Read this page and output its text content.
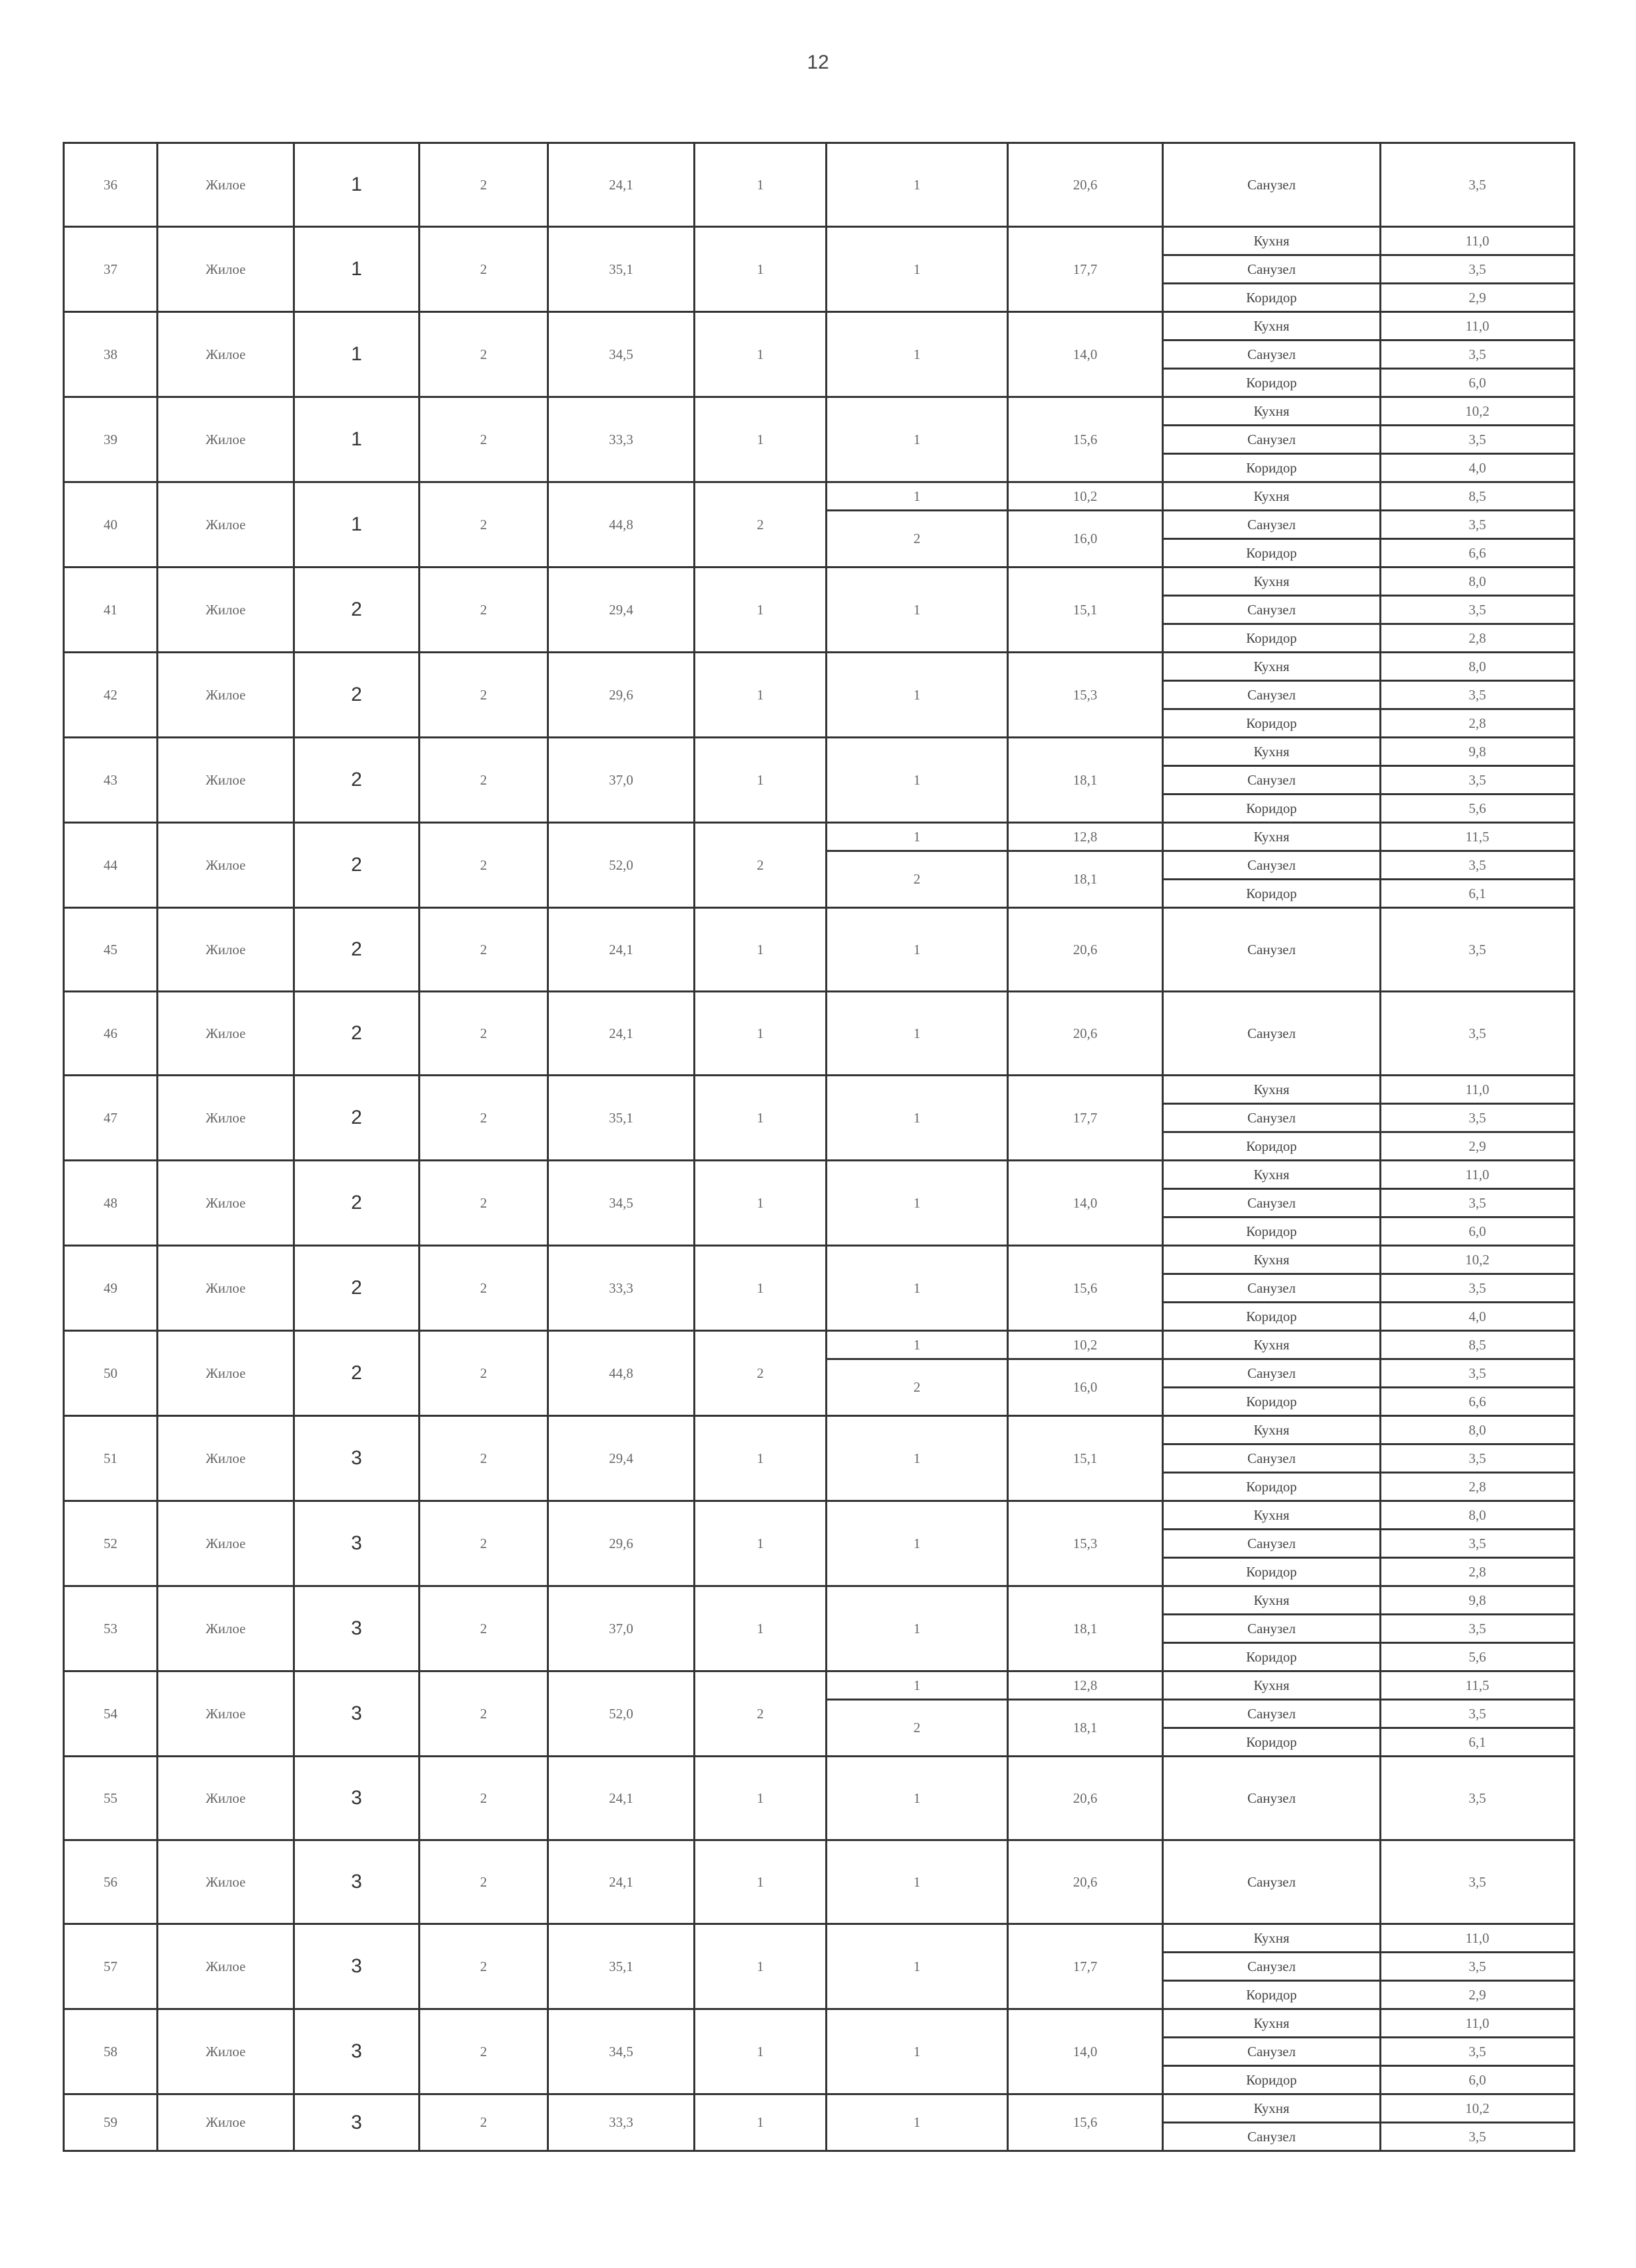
12
36	Жилое	1	2	24,1	1	1	20,6	Санузел	3,5
37	Жилое	1	2	35,1	1	1	17,7	Кухня	11,0
								Санузел	3,5
								Коридор	2,9
38	Жилое	1	2	34,5	1	1	14,0	Кухня	11,0
								Санузел	3,5
								Коридор	6,0
39	Жилое	1	2	33,3	1	1	15,6	Кухня	10,2
								Санузел	3,5
								Коридор	4,0
40	Жилое	1	2	44,8	2	1	10,2	Кухня	8,5
						2	16,0	Санузел	3,5
								Коридор	6,6
41	Жилое	2	2	29,4	1	1	15,1	Кухня	8,0
								Санузел	3,5
								Коридор	2,8
42	Жилое	2	2	29,6	1	1	15,3	Кухня	8,0
								Санузел	3,5
								Коридор	2,8
43	Жилое	2	2	37,0	1	1	18,1	Кухня	9,8
								Санузел	3,5
								Коридор	5,6
44	Жилое	2	2	52,0	2	1	12,8	Кухня	11,5
						2	18,1	Санузел	3,5
								Коридор	6,1
45	Жилое	2	2	24,1	1	1	20,6	Санузел	3,5
46	Жилое	2	2	24,1	1	1	20,6	Санузел	3,5
47	Жилое	2	2	35,1	1	1	17,7	Кухня	11,0
								Санузел	3,5
								Коридор	2,9
48	Жилое	2	2	34,5	1	1	14,0	Кухня	11,0
								Санузел	3,5
								Коридор	6,0
49	Жилое	2	2	33,3	1	1	15,6	Кухня	10,2
								Санузел	3,5
								Коридор	4,0
50	Жилое	2	2	44,8	2	1	10,2	Кухня	8,5
						2	16,0	Санузел	3,5
								Коридор	6,6
51	Жилое	3	2	29,4	1	1	15,1	Кухня	8,0
								Санузел	3,5
								Коридор	2,8
52	Жилое	3	2	29,6	1	1	15,3	Кухня	8,0
								Санузел	3,5
								Коридор	2,8
53	Жилое	3	2	37,0	1	1	18,1	Кухня	9,8
								Санузел	3,5
								Коридор	5,6
54	Жилое	3	2	52,0	2	1	12,8	Кухня	11,5
						2	18,1	Санузел	3,5
								Коридор	6,1
55	Жилое	3	2	24,1	1	1	20,6	Санузел	3,5
56	Жилое	3	2	24,1	1	1	20,6	Санузел	3,5
57	Жилое	3	2	35,1	1	1	17,7	Кухня	11,0
								Санузел	3,5
								Коридор	2,9
58	Жилое	3	2	34,5	1	1	14,0	Кухня	11,0
								Санузел	3,5
								Коридор	6,0
59	Жилое	3	2	33,3	1	1	15,6	Кухня	10,2
								Санузел	3,5
